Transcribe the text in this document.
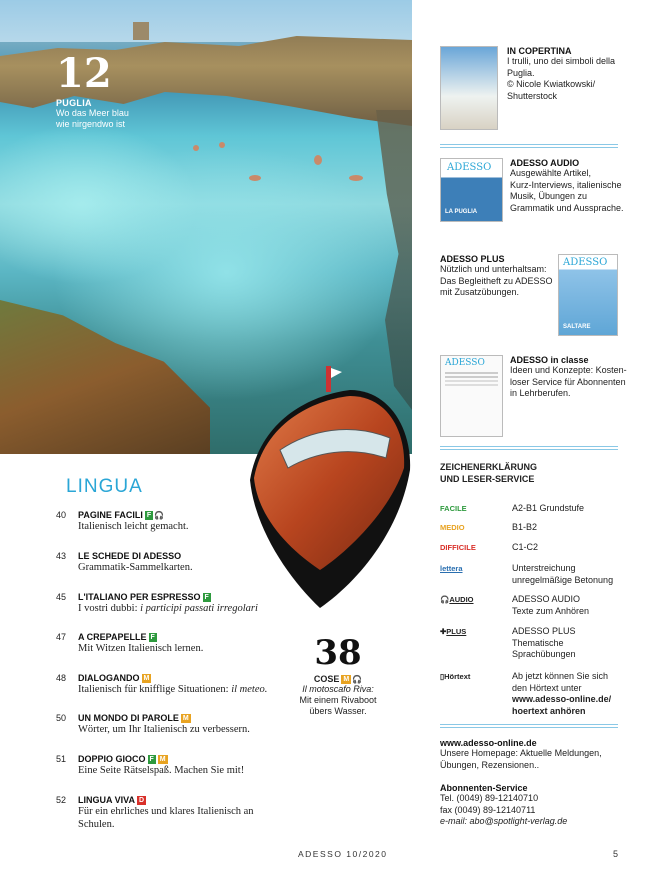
12
PUGLIA
Wo das Meer blau
wie nirgendwo ist
IN COPERTINA
I trulli, uno dei simboli della
Puglia.
© Nicole Kwiatkowski/
Shutterstock
ADESSO
LA PUGLIA
ADESSO AUDIO
Ausgewählte Artikel,
Kurz-Interviews, italienische
Musik, Übungen zu
Grammatik und Aussprache.
ADESSO PLUS
Nützlich und unterhaltsam:
Das Begleitheft zu ADESSO
mit Zusatzübungen.
ADESSO
SALTARE
ADESSO	ADESSO in classe
Ideen und Konzepte: Kosten-
loser Service für Abonnenten
in Lehrberufen.
ZEICHENERKLÄRUNG
UND LESER-SERVICE
FACILE	A2-B1 Grundstufe
MEDIO	B1-B2
DIFFICILE	C1-C2
lettera	Unterstreichung
unregelmäßige Betonung
🎧AUDIO	ADESSO AUDIO
Texte zum Anhören
✚PLUS	ADESSO PLUS
Thematische
Sprachübungen
▯Hörtext	Ab jetzt können Sie sich
den Hörtext unter
www.adesso-online.de/
hoertext anhören
www.adesso-online.de
Unsere Homepage: Aktuelle Meldungen,
Übungen, Rezensionen..
Abonnenten-Service
Tel. (0049) 89-12140710
fax (0049) 89-12140711
e-mail: abo@spotlight-verlag.de
LINGUA
40 PAGINE FACILI F 🎧
Italienisch leicht gemacht.
43 LE SCHEDE DI ADESSO
Grammatik-Sammelkarten.
45 L'ITALIANO PER ESPRESSO F
I vostri dubbi: i participi passati irregolari
47 A CREPAPELLE F
Mit Witzen Italienisch lernen.
48 DIALOGANDO M
Italienisch für knifflige Situationen: il meteo.
50 UN MONDO DI PAROLE M
Wörter, um Ihr Italienisch zu verbessern.
51 DOPPIO GIOCO F M
Eine Seite Rätselspaß. Machen Sie mit!
52 LINGUA VIVA D
Für ein ehrliches und klares Italienisch an
Schulen.
38
COSE M 🎧
Il motoscafo Riva:
Mit einem Rivaboot
übers Wasser.
ADESSO 10/2020	5
